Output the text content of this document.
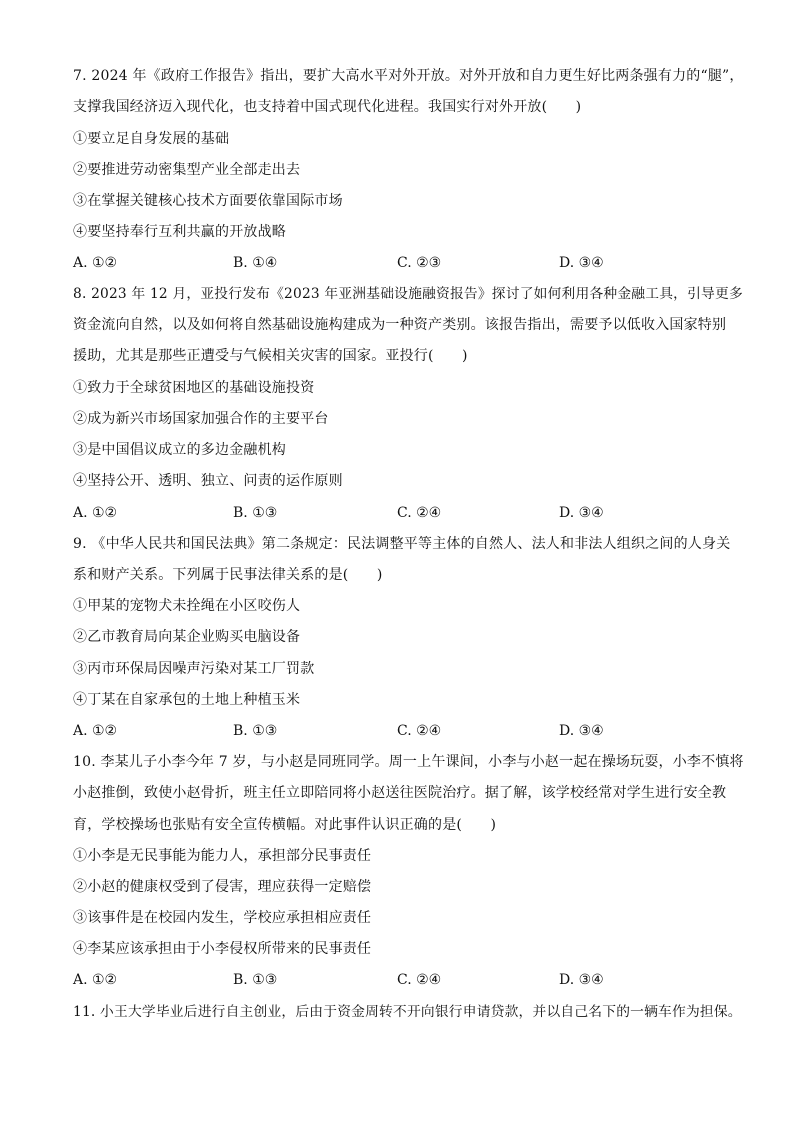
7. 2024 年《政府工作报告》指出，要扩大高水平对外开放。对外开放和自力更生好比两条强有力的“腿”，
支撑我国经济迈入现代化，也支持着中国式现代化进程。我国实行对外开放(　　)
①要立足自身发展的基础
②要推进劳动密集型产业全部走出去
③在掌握关键核心技术方面要依靠国际市场
④要坚持奉行互利共赢的开放战略
A. ①②	B. ①④	C. ②③	D. ③④
8. 2023 年 12 月，亚投行发布《2023 年亚洲基础设施融资报告》探讨了如何利用各种金融工具，引导更多
资金流向自然，以及如何将自然基础设施构建成为一种资产类别。该报告指出，需要予以低收入国家特别
援助，尤其是那些正遭受与气候相关灾害的国家。亚投行(　　)
①致力于全球贫困地区的基础设施投资
②成为新兴市场国家加强合作的主要平台
③是中国倡议成立的多边金融机构
④坚持公开、透明、独立、问责的运作原则
A. ①②	B. ①③	C. ②④	D. ③④
9. 《中华人民共和国民法典》第二条规定：民法调整平等主体的自然人、法人和非法人组织之间的人身关
系和财产关系。下列属于民事法律关系的是(　　)
①甲某的宠物犬未拴绳在小区咬伤人
②乙市教育局向某企业购买电脑设备
③丙市环保局因噪声污染对某工厂罚款
④丁某在自家承包的土地上种植玉米
A. ①②	B. ①③	C. ②④	D. ③④
10. 李某儿子小李今年 7 岁，与小赵是同班同学。周一上午课间，小李与小赵一起在操场玩耍，小李不慎将
小赵推倒，致使小赵骨折，班主任立即陪同将小赵送往医院治疗。据了解，该学校经常对学生进行安全教
育，学校操场也张贴有安全宣传横幅。对此事件认识正确的是(　　)
①小李是无民事能为能力人，承担部分民事责任
②小赵的健康权受到了侵害，理应获得一定赔偿
③该事件是在校园内发生，学校应承担相应责任
④李某应该承担由于小李侵权所带来的民事责任
A. ①②	B. ①③	C. ②④	D. ③④
11. 小王大学毕业后进行自主创业，后由于资金周转不开向银行申请贷款，并以自己名下的一辆车作为担保。
